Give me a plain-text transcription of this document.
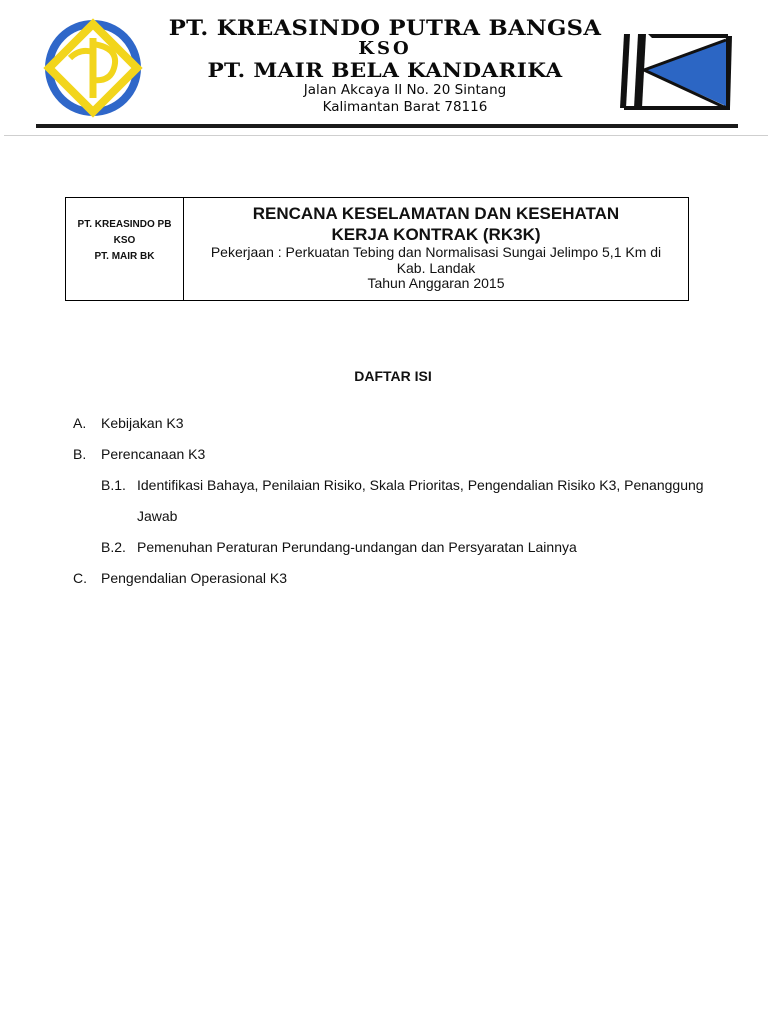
PT. KREASINDO PUTRA BANGSA
KSO
PT. MAIR BELA KANDARIKA
Jalan Akcaya II No. 20 Sintang
Kalimantan Barat 78116
PT. KREASINDO PB
KSO
PT. MAIR BK
RENCANA KESELAMATAN DAN KESEHATAN
KERJA KONTRAK (RK3K)
Pekerjaan : Perkuatan Tebing dan Normalisasi Sungai Jelimpo 5,1 Km di
Kab. Landak
Tahun Anggaran 2015
DAFTAR ISI
A. Kebijakan K3
B. Perencanaan K3
B.1. Identifikasi Bahaya, Penilaian Risiko, Skala Prioritas, Pengendalian Risiko K3, Penanggung
Jawab
B.2. Pemenuhan Peraturan Perundang-undangan dan Persyaratan Lainnya
C. Pengendalian Operasional K3
